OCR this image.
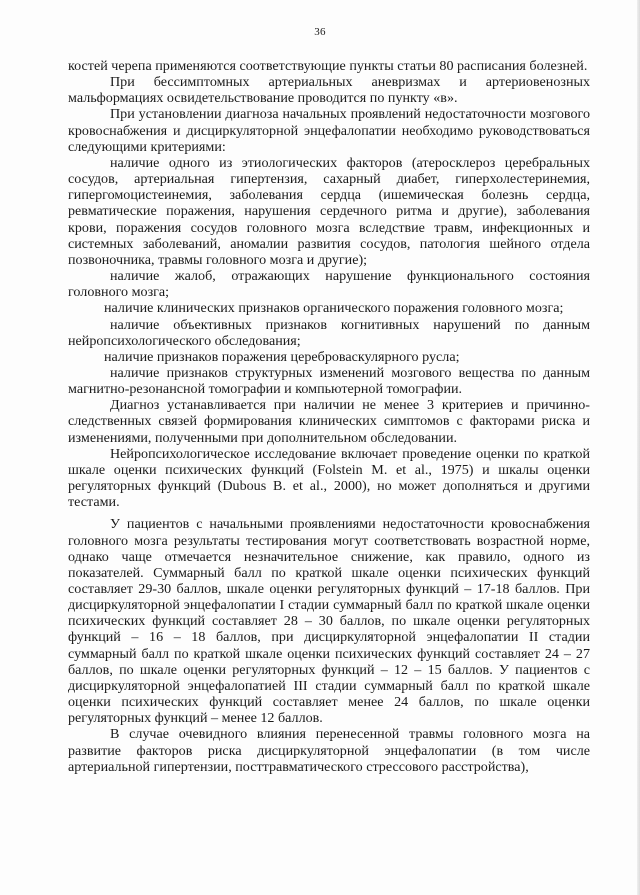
36

костей черепа применяются соответствующие пункты статьи 80 расписания болезней.

При бессимптомных артериальных аневризмах и артериовенозных мальформациях освидетельствование проводится по пункту «в».

При установлении диагноза начальных проявлений недостаточности мозгового кровоснабжения и дисциркуляторной энцефалопатии необходимо руководствоваться следующими критериями:

наличие одного из этиологических факторов (атеросклероз церебральных сосудов, артериальная гипертензия, сахарный диабет, гиперхолестеринемия, гипергомоцистеинемия, заболевания сердца (ишемическая болезнь сердца, ревматические поражения, нарушения сердечного ритма и другие), заболевания крови, поражения сосудов головного мозга вследствие травм, инфекционных и системных заболеваний, аномалии развития сосудов, патология шейного отдела позвоночника, травмы головного мозга и другие);

наличие жалоб, отражающих нарушение функционального состояния головного мозга;

наличие клинических признаков органического поражения головного мозга;

наличие объективных признаков когнитивных нарушений по данным нейропсихологического обследования;

наличие признаков поражения цереброваскулярного русла;

наличие признаков структурных изменений мозгового вещества по данным магнитно-резонансной томографии и компьютерной томографии.

Диагноз устанавливается при наличии не менее 3 критериев и причинно-следственных связей формирования клинических симптомов с факторами риска и изменениями, полученными при дополнительном обследовании.

Нейропсихологическое исследование включает проведение оценки по краткой шкале оценки психических функций (Folstein M. et al., 1975) и шкалы оценки регуляторных функций (Dubous B. et al., 2000), но может дополняться и другими тестами.

У пациентов с начальными проявлениями недостаточности кровоснабжения головного мозга результаты тестирования могут соответствовать возрастной норме, однако чаще отмечается незначительное снижение, как правило, одного из показателей. Суммарный балл по краткой шкале оценки психических функций составляет 29-30 баллов, шкале оценки регуляторных функций – 17-18 баллов. При дисциркуляторной энцефалопатии I стадии суммарный балл по краткой шкале оценки психических функций составляет 28 – 30 баллов, по шкале оценки регуляторных функций – 16 – 18 баллов, при дисциркуляторной энцефалопатии II стадии суммарный балл по краткой шкале оценки психических функций составляет 24 – 27 баллов, по шкале оценки регуляторных функций – 12 – 15 баллов. У пациентов с дисциркуляторной энцефалопатией III стадии суммарный балл по краткой шкале оценки психических функций составляет менее 24 баллов, по шкале оценки регуляторных функций – менее 12 баллов.

В случае очевидного влияния перенесенной травмы головного мозга на развитие факторов риска дисциркуляторной энцефалопатии (в том числе артериальной гипертензии, посттравматического стрессового расстройства),
